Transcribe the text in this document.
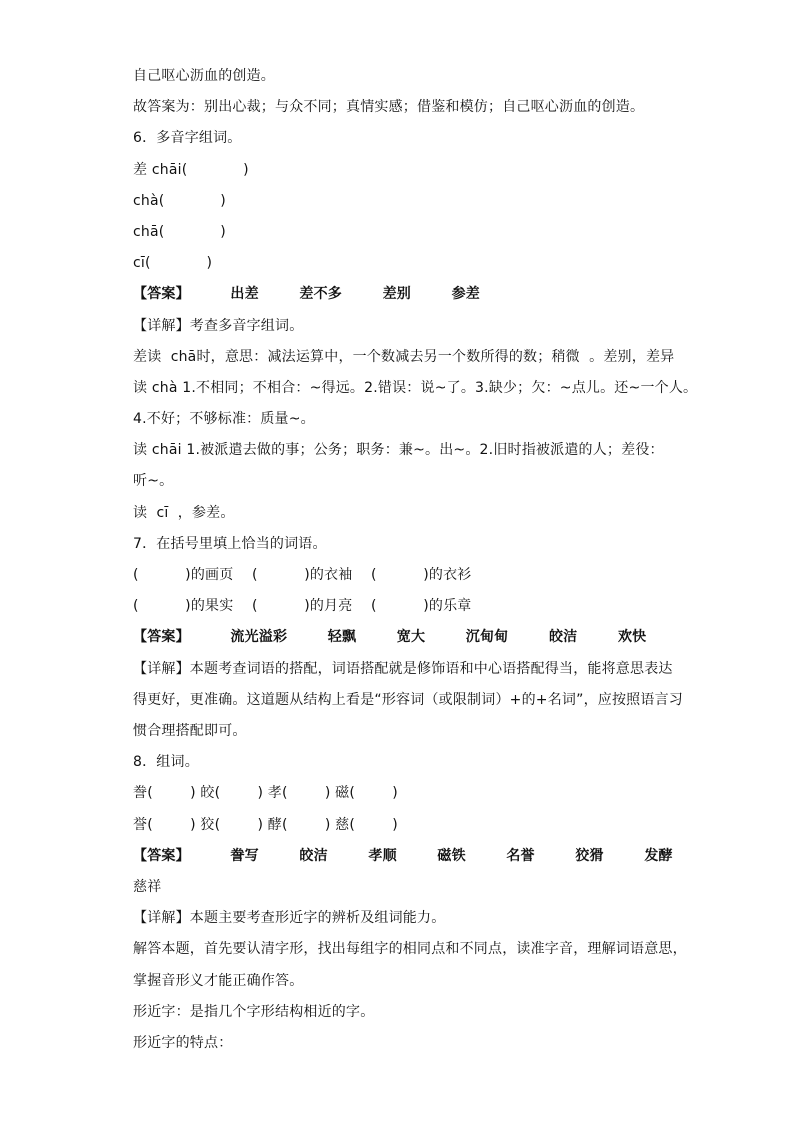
自己呕心沥血的创造。
故答案为：别出心裁；与众不同；真情实感；借鉴和模仿；自己呕心沥血的创造。
6．多音字组词。
差 chāi(            )
chà(            )
chā(            )
cī(            )
【答案】        出差        差不多        差别        参差
【详解】考查多音字组词。
差读  chā时，意思：减法运算中，一个数减去另一个数所得的数；稍微  。差别，差异
读 chà 1.不相同；不相合：~得远。2.错误：说~了。3.缺少；欠：~点儿。还~一个人。
4.不好；不够标准：质量~。
读 chāi 1.被派遣去做的事；公务；职务：兼~。出~。2.旧时指被派遣的人；差役：
听~。
读  cī  ，参差。
7．在括号里填上恰当的词语。
(          )的画页    (          )的衣袖    (          )的衣衫
(          )的果实    (          )的月亮    (          )的乐章
【答案】        流光溢彩        轻飘        宽大        沉甸甸        皎洁        欢快
【详解】本题考查词语的搭配，词语搭配就是修饰语和中心语搭配得当，能将意思表达
得更好，更准确。这道题从结构上看是“形容词（或限制词）+的+名词”，应按照语言习
惯合理搭配即可。
8．组词。
誊(        ) 皎(        ) 孝(        ) 磁(        )
誉(        ) 狡(        ) 酵(        ) 慈(        )
【答案】        誊写        皎洁        孝顺        磁铁        名誉        狡猾        发酵
慈祥
【详解】本题主要考查形近字的辨析及组词能力。
解答本题，首先要认清字形，找出每组字的相同点和不同点，读准字音，理解词语意思，
掌握音形义才能正确作答。
形近字：是指几个字形结构相近的字。
形近字的特点：
